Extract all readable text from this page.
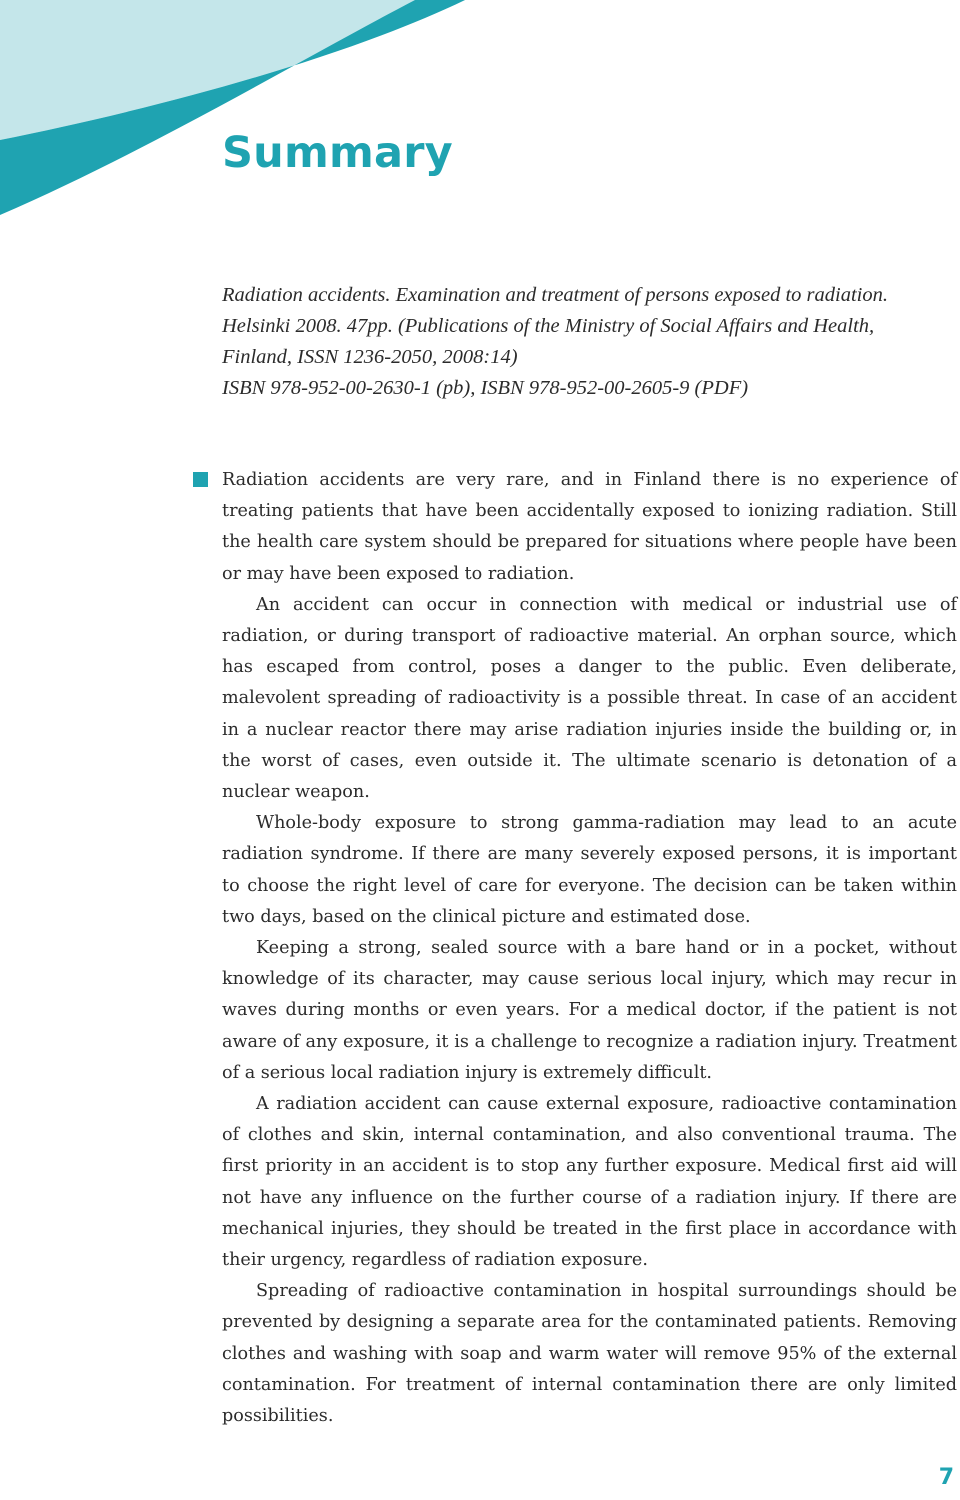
Summary
Radiation accidents. Examination and treatment of persons exposed to radiation.
Helsinki 2008. 47pp. (Publications of the Ministry of Social Affairs and Health,
Finland, ISSN 1236-2050, 2008:14)
ISBN 978-952-00-2630-1 (pb), ISBN 978-952-00-2605-9 (PDF)

Radiation accidents are very rare, and in Finland there is no experience of treating patients that have been accidentally exposed to ionizing radiation. Still the health care system should be prepared for situations where people have been or may have been exposed to radiation.

An accident can occur in connection with medical or industrial use of radiation, or during transport of radioactive material. An orphan source, which has escaped from control, poses a danger to the public. Even deliberate, malevolent spreading of radioactivity is a possible threat. In case of an accident in a nuclear reactor there may arise radiation injuries inside the building or, in the worst of cases, even outside it. The ultimate scenario is detonation of a nuclear weapon.

Whole-body exposure to strong gamma-radiation may lead to an acute radiation syndrome. If there are many severely exposed persons, it is important to choose the right level of care for everyone. The decision can be taken within two days, based on the clinical picture and estimated dose.

Keeping a strong, sealed source with a bare hand or in a pocket, without knowledge of its character, may cause serious local injury, which may recur in waves during months or even years. For a medical doctor, if the patient is not aware of any exposure, it is a challenge to recognize a radiation injury. Treatment of a serious local radiation injury is extremely difficult.

A radiation accident can cause external exposure, radioactive contamination of clothes and skin, internal contamination, and also conventional trauma. The first priority in an accident is to stop any further exposure. Medical first aid will not have any influence on the further course of a radiation injury. If there are mechanical injuries, they should be treated in the first place in accordance with their urgency, regardless of radiation exposure.

Spreading of radioactive contamination in hospital surroundings should be prevented by designing a separate area for the contaminated patients. Removing clothes and washing with soap and warm water will remove 95% of the external contamination. For treatment of internal contamination there are only limited possibilities.

7
